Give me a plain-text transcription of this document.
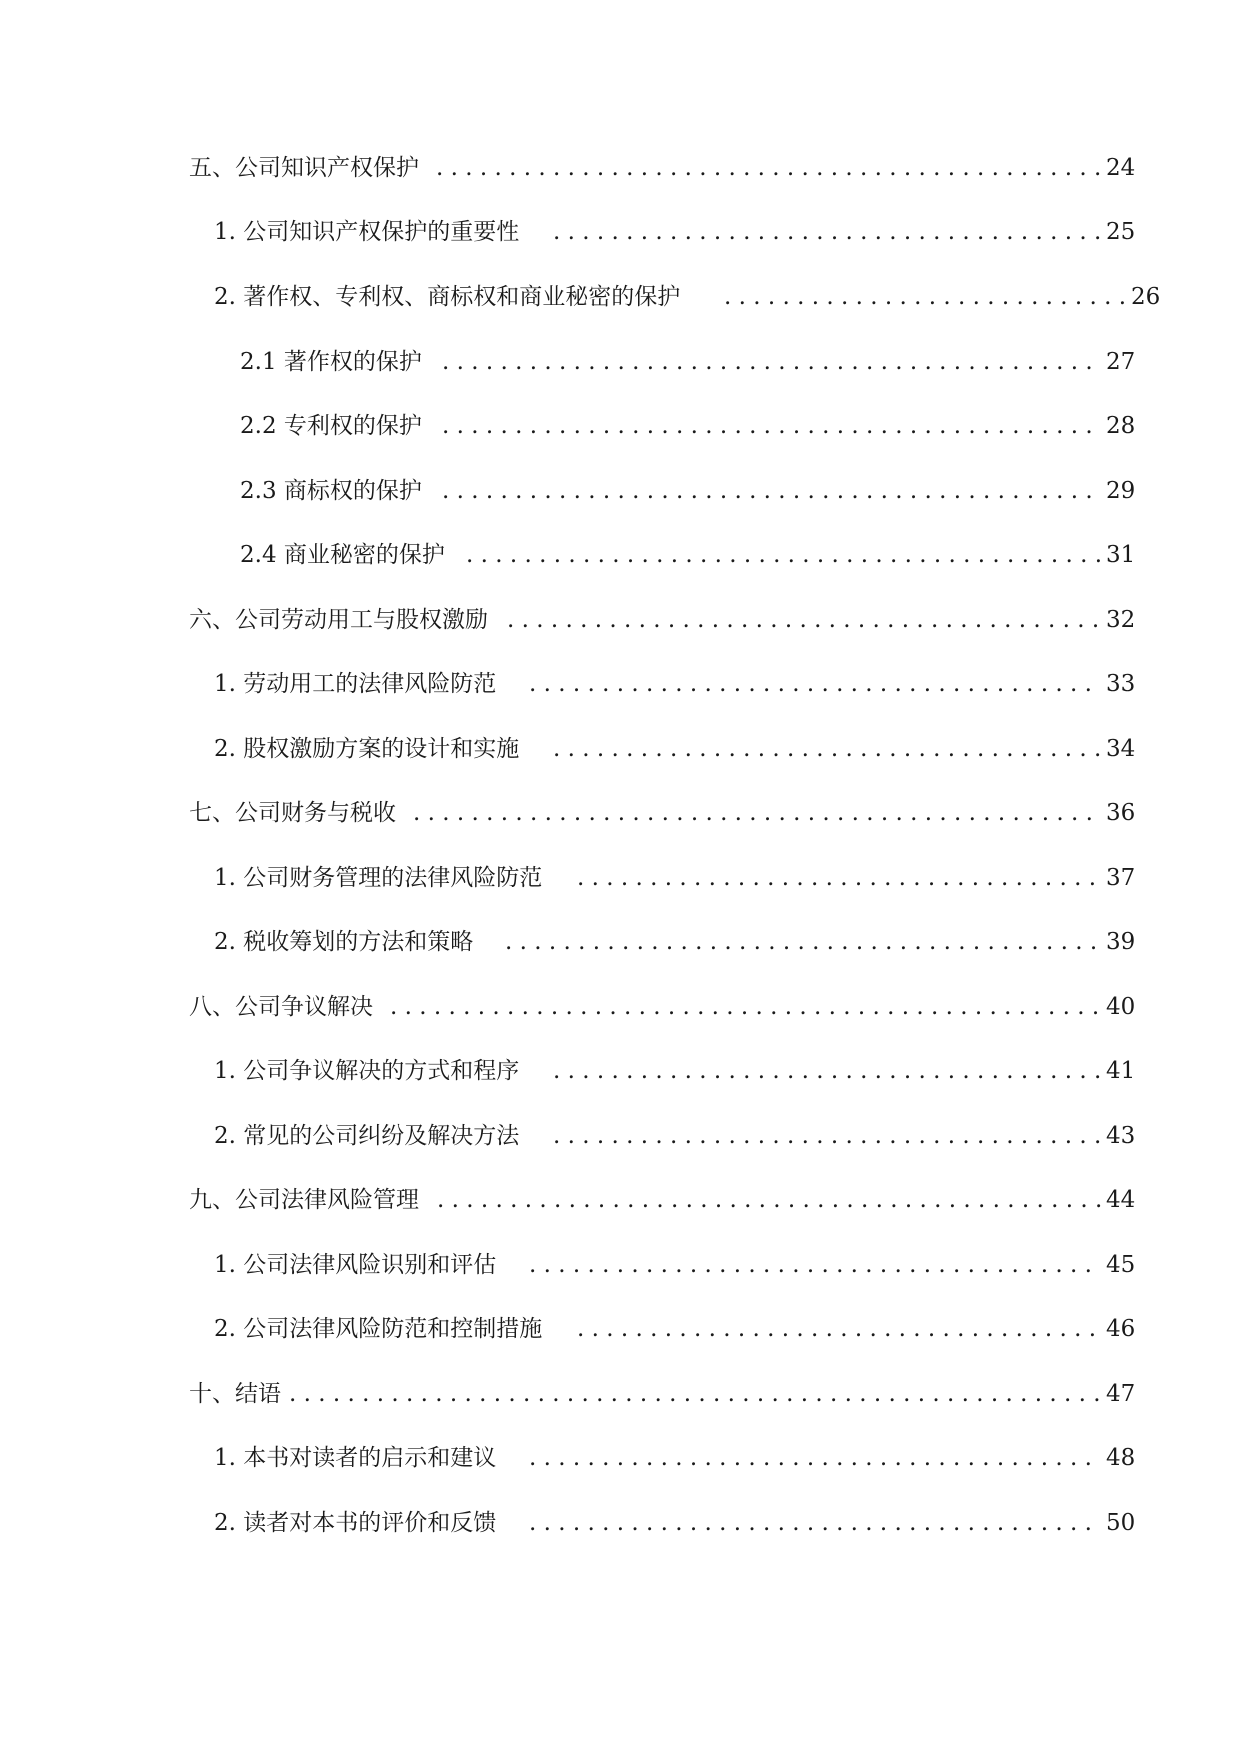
五、公司知识产权保护 . . . . . . . . . . . . . . . . . . . . . . . . . . . . . . . . . . . . . . . . . . . . . . 24
1. 公司知识产权保护的重要性 . . . . . . . . . . . . . . . . . . . . . . . . . . . . . . . . . . . . . . 25
2. 著作权、专利权、商标权和商业秘密的保护 . . . . . . . . . . . . . . . . . . . . . . . . . . . . 26
2.1 著作权的保护 . . . . . . . . . . . . . . . . . . . . . . . . . . . . . . . . . . . . . . . . . . . . . 27
2.2 专利权的保护 . . . . . . . . . . . . . . . . . . . . . . . . . . . . . . . . . . . . . . . . . . . . . 28
2.3 商标权的保护 . . . . . . . . . . . . . . . . . . . . . . . . . . . . . . . . . . . . . . . . . . . . . 29
2.4 商业秘密的保护 . . . . . . . . . . . . . . . . . . . . . . . . . . . . . . . . . . . . . . . . . . . . 31
六、公司劳动用工与股权激励 . . . . . . . . . . . . . . . . . . . . . . . . . . . . . . . . . . . . . . . . . 32
1. 劳动用工的法律风险防范 . . . . . . . . . . . . . . . . . . . . . . . . . . . . . . . . . . . . . . . 33
2. 股权激励方案的设计和实施 . . . . . . . . . . . . . . . . . . . . . . . . . . . . . . . . . . . . . . 34
七、公司财务与税收 . . . . . . . . . . . . . . . . . . . . . . . . . . . . . . . . . . . . . . . . . . . . . . . 36
1. 公司财务管理的法律风险防范 . . . . . . . . . . . . . . . . . . . . . . . . . . . . . . . . . . . . 37
2. 税收筹划的方法和策略 . . . . . . . . . . . . . . . . . . . . . . . . . . . . . . . . . . . . . . . . . 39
八、公司争议解决 . . . . . . . . . . . . . . . . . . . . . . . . . . . . . . . . . . . . . . . . . . . . . . . . . 40
1. 公司争议解决的方式和程序 . . . . . . . . . . . . . . . . . . . . . . . . . . . . . . . . . . . . . . 41
2. 常见的公司纠纷及解决方法 . . . . . . . . . . . . . . . . . . . . . . . . . . . . . . . . . . . . . . 43
九、公司法律风险管理 . . . . . . . . . . . . . . . . . . . . . . . . . . . . . . . . . . . . . . . . . . . . . . 44
1. 公司法律风险识别和评估 . . . . . . . . . . . . . . . . . . . . . . . . . . . . . . . . . . . . . . . 45
2. 公司法律风险防范和控制措施 . . . . . . . . . . . . . . . . . . . . . . . . . . . . . . . . . . . . 46
十、结语 . . . . . . . . . . . . . . . . . . . . . . . . . . . . . . . . . . . . . . . . . . . . . . . . . . . . . . . . 47
1. 本书对读者的启示和建议 . . . . . . . . . . . . . . . . . . . . . . . . . . . . . . . . . . . . . . . 48
2. 读者对本书的评价和反馈 . . . . . . . . . . . . . . . . . . . . . . . . . . . . . . . . . . . . . . . 50
